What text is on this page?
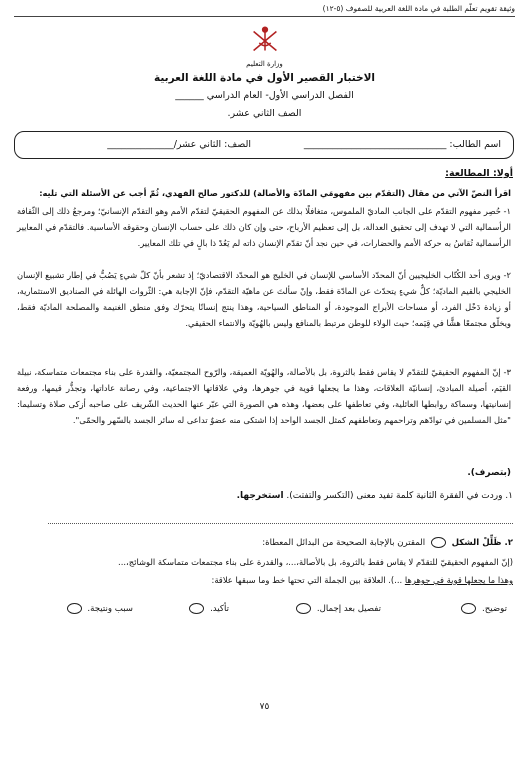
وثيقة تقويم تعلّم الطلبة في مادة اللغة العربية للصفوف (٥-١٢)
وزارة التعليم
الاختبار القصير الأول في مادة اللغة العربية
الفصل الدراسي الأول- العام الدراسي ______
الصف الثاني عشر.
اسم الطالب: ______________________________
الصف: الثاني عشر/______________
أولا: المطالعة:
اقرأ النصّ الآتي من مقال (التقدّم بين مفهومَي المادّة والأصالة) للدكتور صالح الفهدي، ثُمّ أجب عن الأسئلة التي تليه:
١- حُصِر مفهوم التقدّم على الجانب الماديّ الملموس، متغافلًا بذلك عن المفهوم الحقيقيّ لتقدّم الأمم وهو التقدّم الإنسانيّ؛ ومرجعُ ذلك إلى الثّقافة الرأسمالية التي لا تهدف إلى تحقيق العدالة، بل إلى تعظيم الأرباح، حتى وإن كان ذلك على حساب الإنسان وحقوقه الأساسية. فالتقدّم في المعايير الرأسمالية تُقاسُ به حركة الأمم والحضارات، في حين نجد أنّ تقدّم الإنسان ذاته لم يَعُدْ ذا بالٍ في تلك المعايير.
٢- ويرى أحد الكُتّاب الخليجيين أنّ المحدّد الأساسي للإنسان في الخليج هو المحدّد الاقتصاديّ؛ إذ تشعر بأنّ كلّ شيءٍ يَصُبُّ في إطار تشبيع الإنسان الخليجي بالقيم الماديّة؛ كلُّ شيءٍ يتحدّث عن المادّة فقط، وإنْ سألتَ عن ماهيّة التقدّم، فإنّ الإجابة هي: الثّروات الهائلة في الصناديق الاستثمارية، أو زيادة دَخْل الفرد، أو مساحات الأبراج الموجودة، أو المناطق السياحية، وهذا ينتج إنسانًا يتحرّك وفق منطق الغنيمة والمصلحة الماديّة فقط، ويخلّق مجتمعًا هشًّا في قِيَمه؛ حيث الولاء للوطن مرتبط بالمنافع وليس بالهُويّة والانتماء الحقيقي.
٣- إنّ المفهوم الحقيقيّ للتقدّم لا يقاس فقط بالثروة، بل بالأصالة، والهُويّة العميقة، والرّوح المجتمعيّة، والقدرة على بناء مجتمعات متماسكة، نبيلة القيَم، أصيلة المبادئ، إنسانيّة العلاقات، وهذا ما يجعلها قوية في جوهرها، وفي علاقاتها الاجتماعية، وفي رصانة عاداتها، وتجذُّر قيمها، ورفعة إنسانيتها، وسماكة روابطها العائلية، وفي تعاطفها على بعضها، وهذه هي الصورة التي عبّر عنها الحديث الشّريف على صاحبه أزكى صلاة وتسليما: "مثل المسلمين في توادّهم وتراحمهم وتعاطفهم كمثل الجسد الواحد إذا اشتكى منه عضوٌ تداعى له سائر الجسد بالسّهر والحمّى".
(بتصرف).
١. وردت في الفقرة الثانية كلمة تفيد معنى (التكسر والتفتت). استخرجها.
٢. ظَلِّلْ الشكل  المقترن بالإجابة الصحيحة من البدائل المعطاة:
(إنّ المفهوم الحقيقيّ للتقدّم لا يقاس فقط بالثروة، بل بالأصالة،...، والقدرة على بناء مجتمعات متماسكة الوشائج،...
وهذا ما يجعلها قوية في جوهرها ...). العلاقة بين الجملة التي تحتها خط وما سبقها علاقة:
توضيح.
تفصيل بعد إجمال.
تأكيد.
سبب ونتيجة.
٧٥
